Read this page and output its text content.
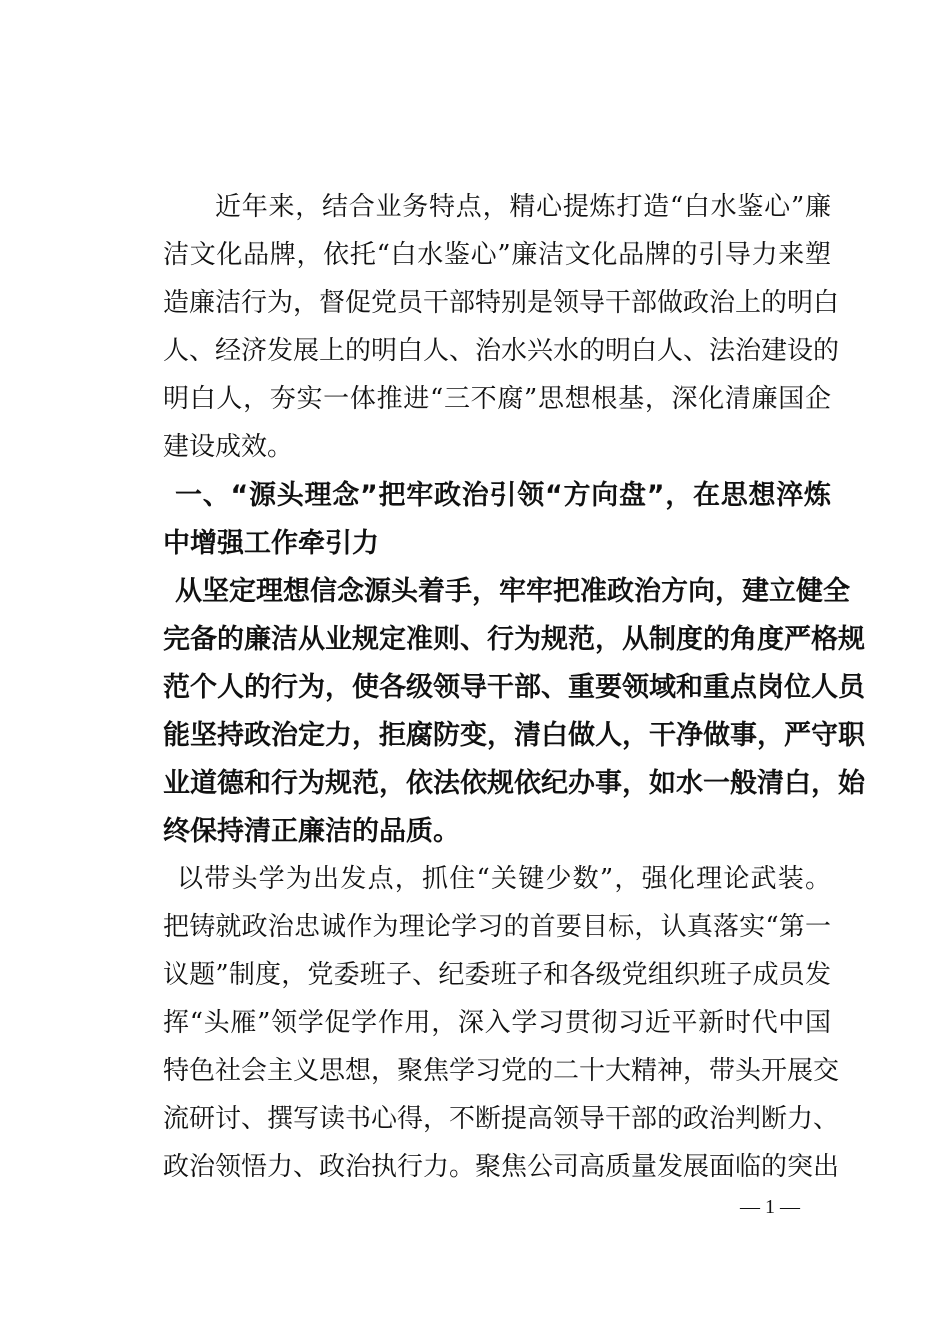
近年来，结合业务特点，精心提炼打造“白水鉴心”廉
洁文化品牌，依托“白水鉴心”廉洁文化品牌的引导力来塑
造廉洁行为，督促党员干部特别是领导干部做政治上的明白
人、经济发展上的明白人、治水兴水的明白人、法治建设的
明白人，夯实一体推进“三不腐”思想根基，深化清廉国企
建设成效。
一、“源头理念”把牢政治引领“方向盘”，在思想淬炼
中增强工作牵引力
从坚定理想信念源头着手，牢牢把准政治方向，建立健全
完备的廉洁从业规定准则、行为规范，从制度的角度严格规
范个人的行为，使各级领导干部、重要领域和重点岗位人员
能坚持政治定力，拒腐防变，清白做人，干净做事，严守职
业道德和行为规范，依法依规依纪办事，如水一般清白，始
终保持清正廉洁的品质。
以带头学为出发点，抓住“关键少数”，强化理论武装。
把铸就政治忠诚作为理论学习的首要目标，认真落实“第一
议题”制度，党委班子、纪委班子和各级党组织班子成员发
挥“头雁”领学促学作用，深入学习贯彻习近平新时代中国
特色社会主义思想，聚焦学习党的二十大精神，带头开展交
流研讨、撰写读书心得，不断提高领导干部的政治判断力、
政治领悟力、政治执行力。聚焦公司高质量发展面临的突出
— 1 —
